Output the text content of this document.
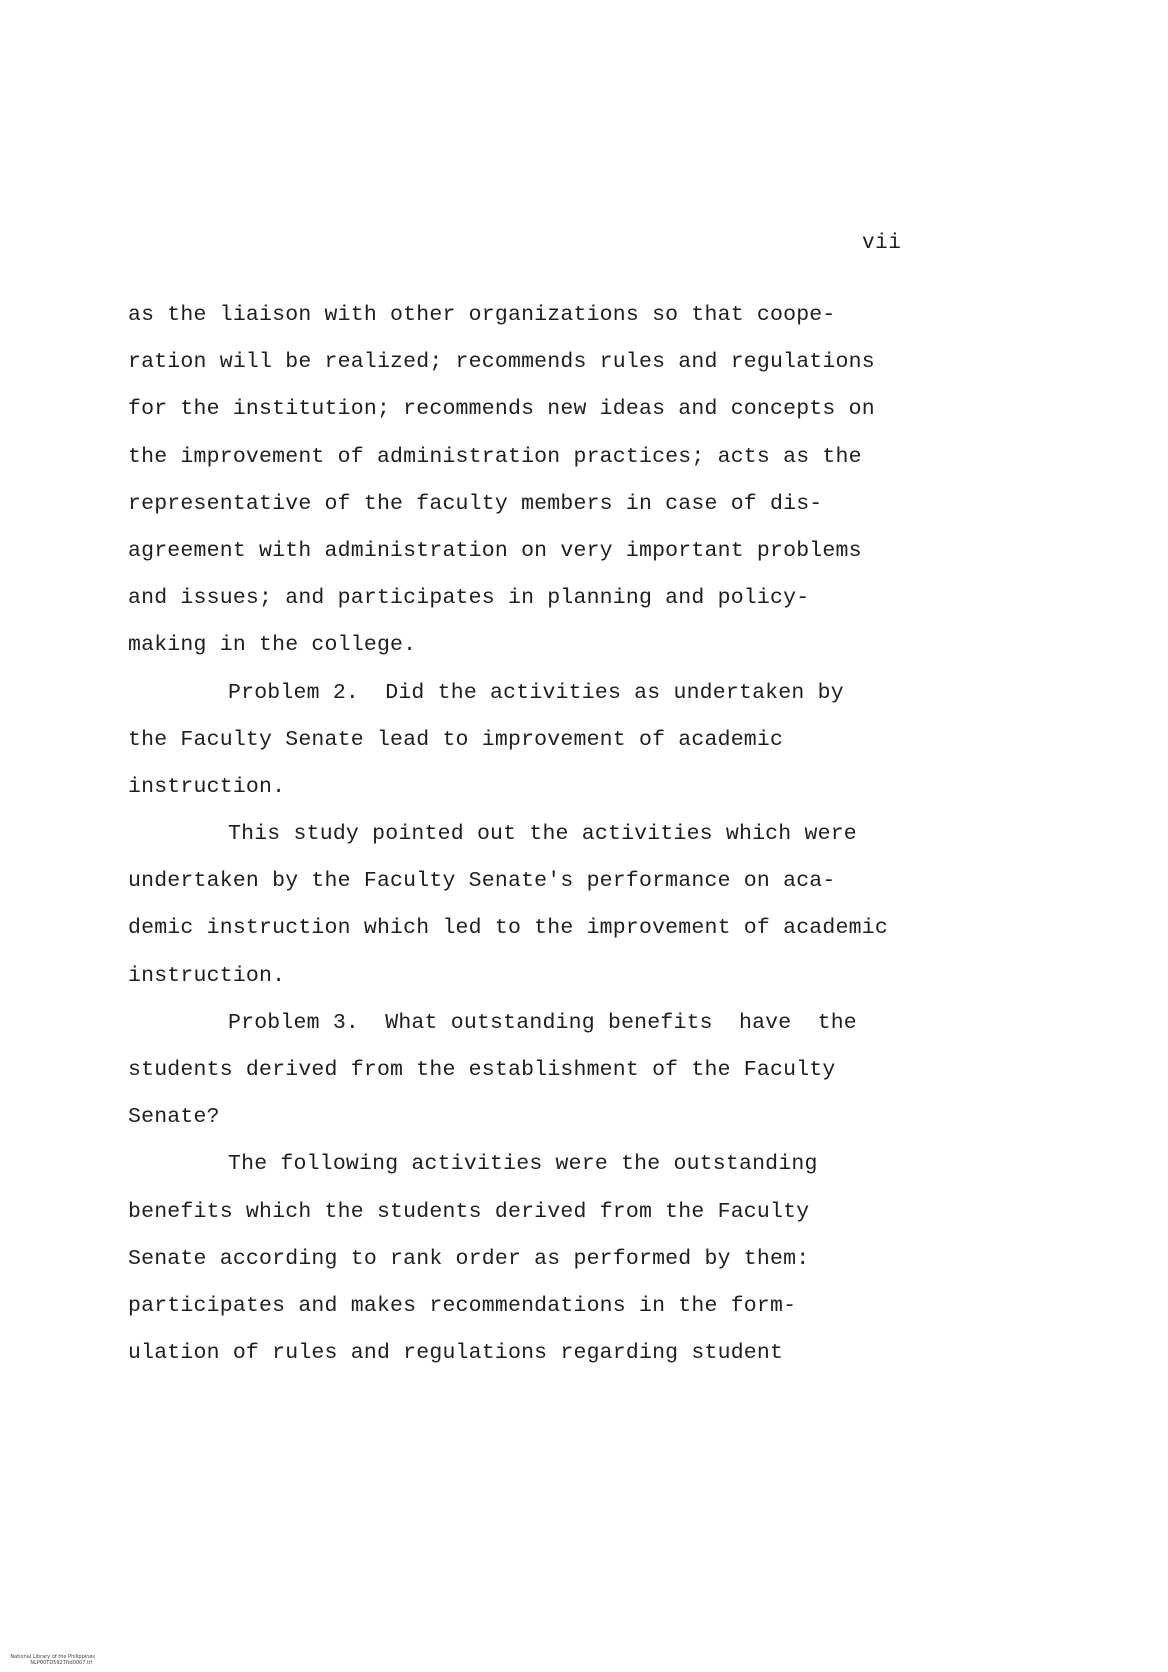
vii
as the liaison with other organizations so that coope-
ration will be realized; recommends rules and regulations
for the institution; recommends new ideas and concepts on
the improvement of administration practices; acts as the
representative of the faculty members in case of dis-
agreement with administration on very important problems
and issues; and participates in planning and policy-
making in the college.
Problem 2.  Did the activities as undertaken by
the Faculty Senate lead to improvement of academic
instruction.
This study pointed out the activities which were
undertaken by the Faculty Senate's performance on aca-
demic instruction which led to the improvement of academic
instruction.
Problem 3.  What outstanding benefits  have  the
students derived from the establishment of the Faculty
Senate?
The following activities were the outstanding
benefits which the students derived from the Faculty
Senate according to rank order as performed by them:
participates and makes recommendations in the form-
ulation of rules and regulations regarding student

National Library of the Philippines
NLP00TD5927ftd0007.tif
